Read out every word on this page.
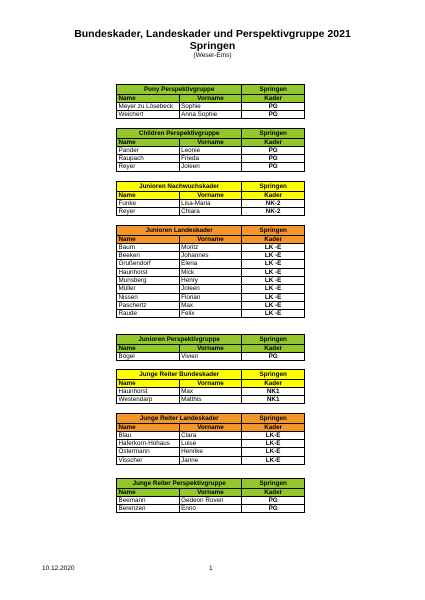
Bundeskader, Landeskader und Perspektivgruppe 2021
Springen
(Weser-Ems)
Pony Perspektivgruppe		Springen
Name	Vorname	Kader
Meyer zu Lösebeck	Sophie	PG
Weichert	Anna Sophie	PG
Children Perspektivgruppe		Springen
Name	Vorname	Kader
Pander	Leonie	PG
Raupach	Frieda	PG
Reyer	Joleen	PG
Junioren Nachwuchskader		Springen
Name	Vorname	Kader
Funke	Lisa-Maria	NK-2
Reyer	Chiara	NK-2
Junioren Landeskader		Springen
Name	Vorname	Kader
Baum	Moritz	LK -E
Beeken	Johannes	LK -E
Grußendorf	Elena	LK -E
Haunhorst	Mick	LK -E
Munsberg	Henry	LK -E
Müller	Joleen	LK -E
Nissen	Florian	LK -E
Paschertz	Max	LK -E
Raude	Felix	LK -E
Junioren Perspektivgruppe		Springen
Name	Vorname	Kader
Bögel	Vivien	PG
Junge Reiter Bundeskader		Springen
Name	Vorname	Kader
Haunhorst	Max	NK1
Westendarp	Matthis	NK1
Junge Reiter Landeskader		Springen
Name	Vorname	Kader
Blau	Clara	LK-E
Haferkorn-Hohaus	Luise	LK-E
Ostermann	Henrike	LK-E
Visscher	Janne	LK-E
Junge Reiter Perspektivgruppe		Springen
Name	Vorname	Kader
Beemann	Gedeon Ruven	PG
Berenzen	Enno	PG
10.12.2020	1
